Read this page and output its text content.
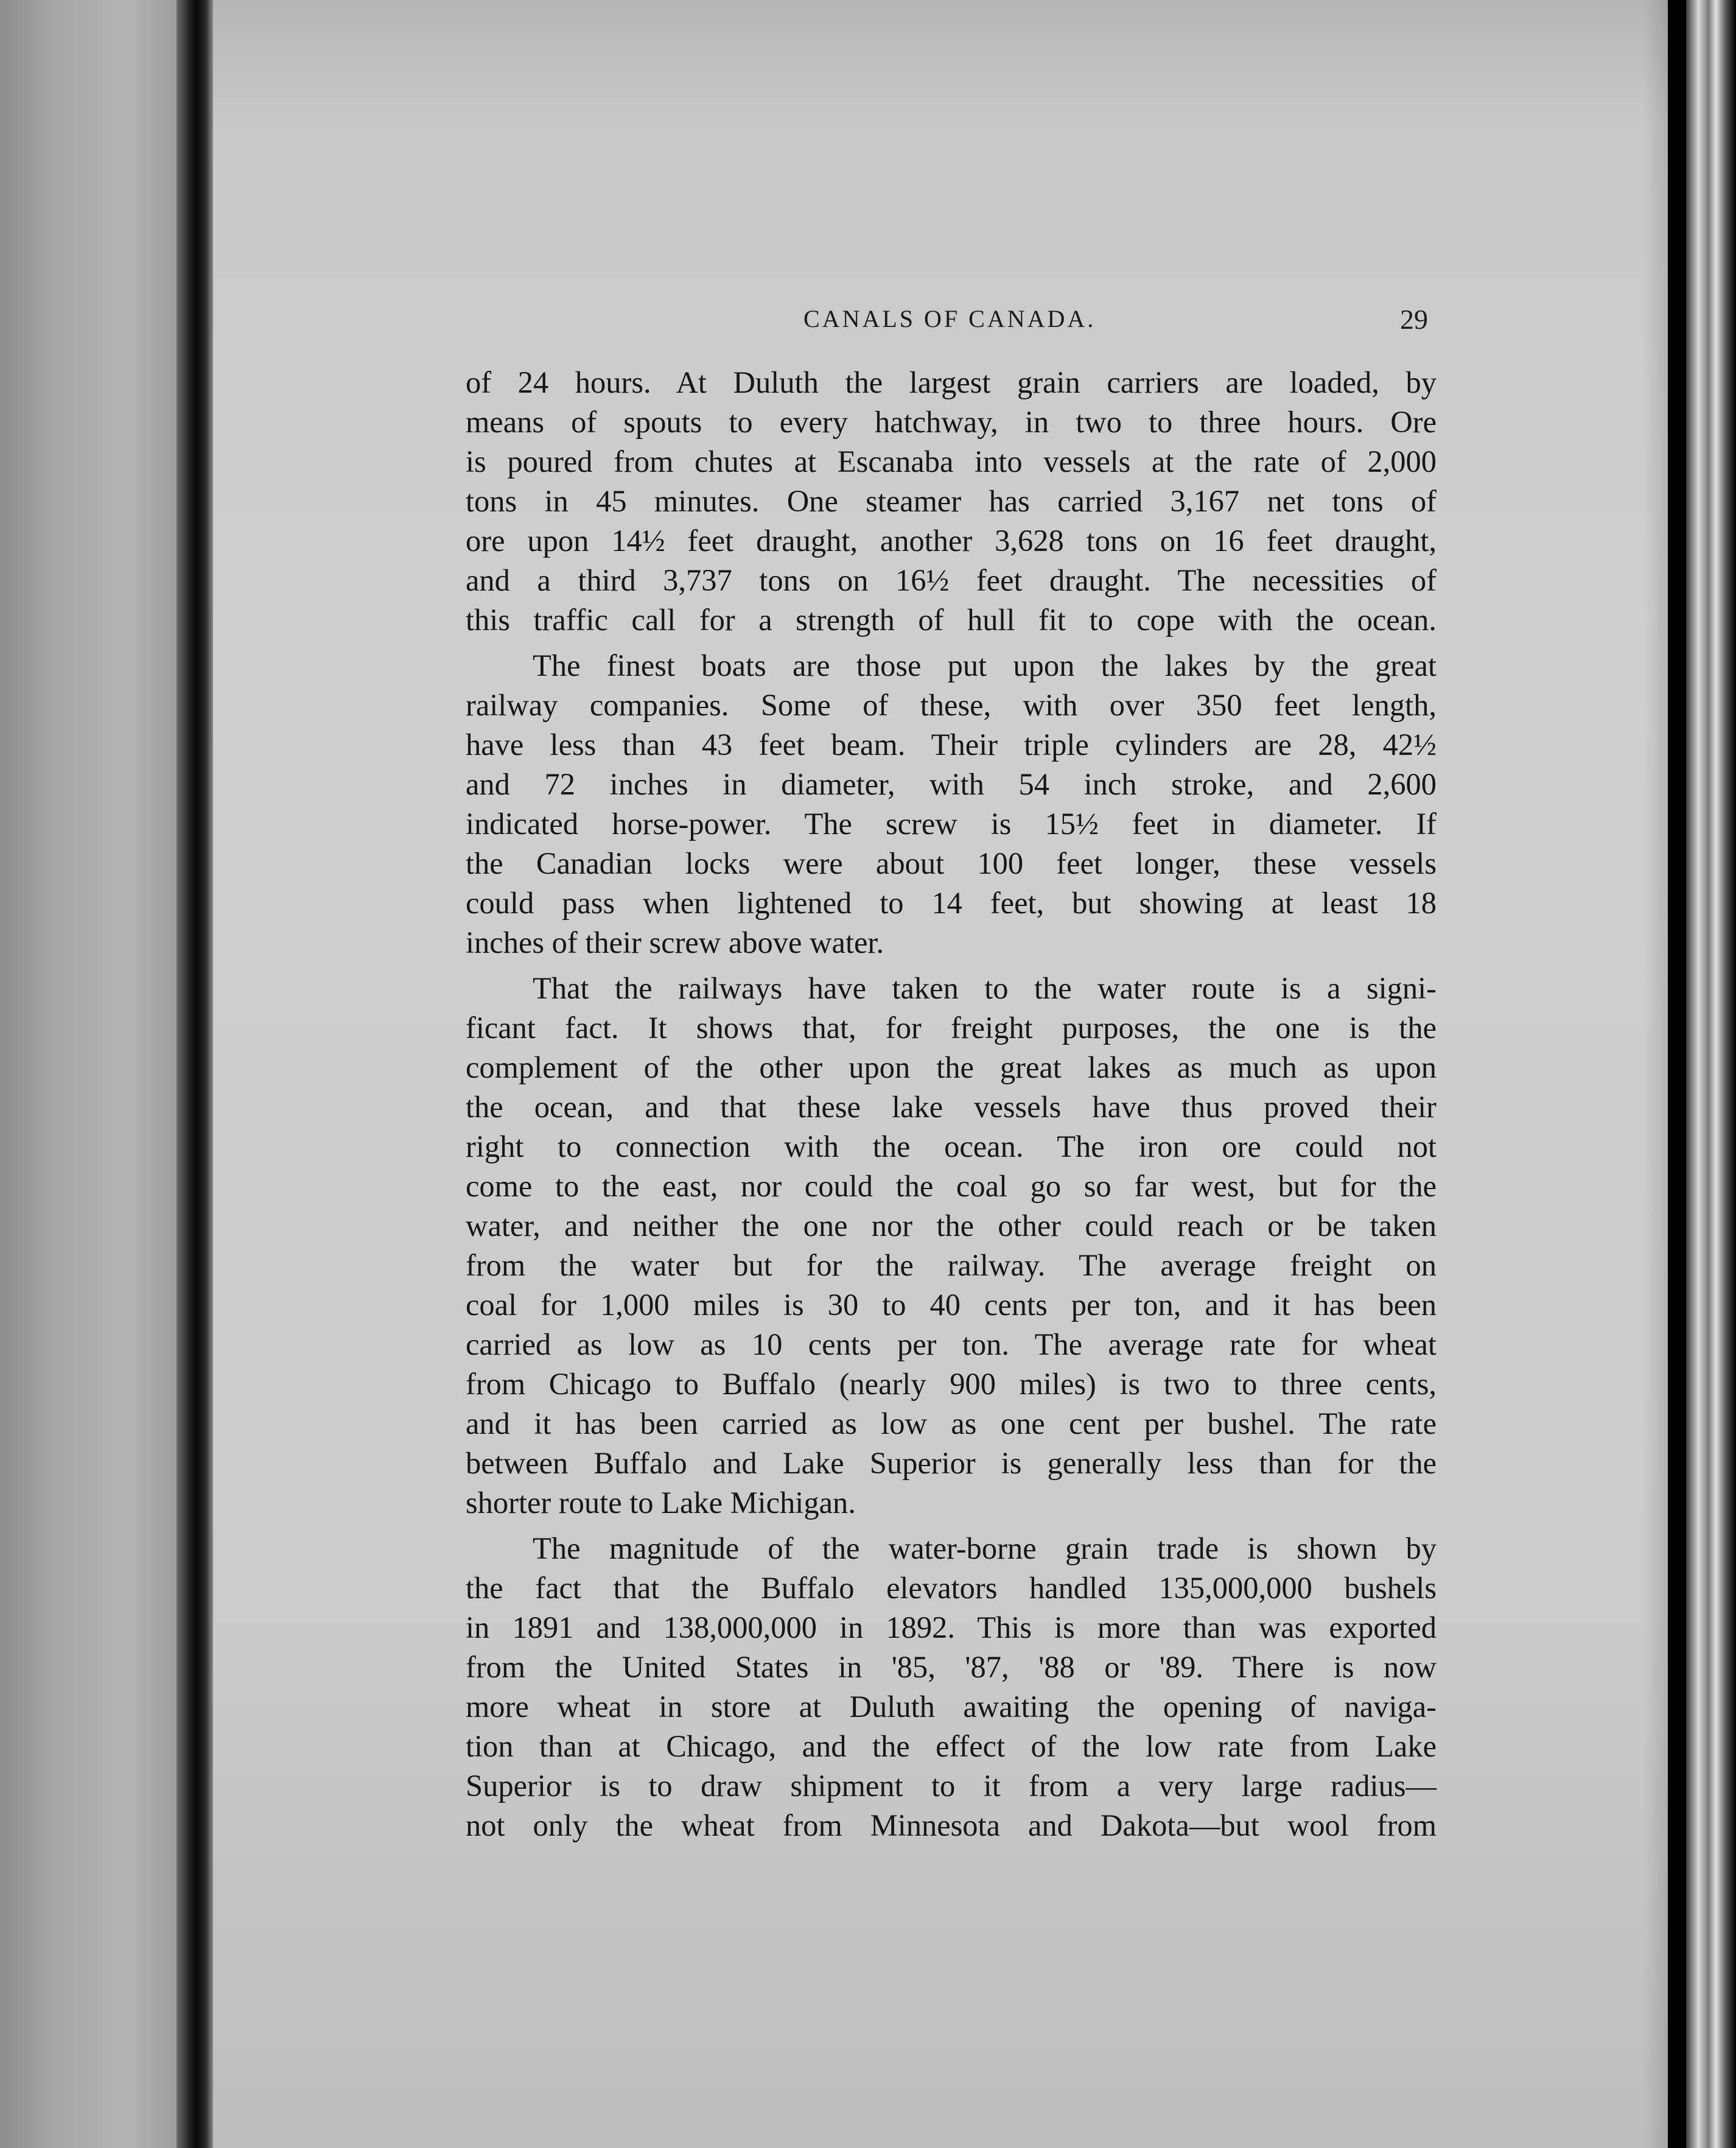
CANALS OF CANADA.	29
of 24 hours. At Duluth the largest grain carriers are loaded, by
means of spouts to every hatchway, in two to three hours. Ore
is poured from chutes at Escanaba into vessels at the rate of 2,000
tons in 45 minutes. One steamer has carried 3,167 net tons of
ore upon 14½ feet draught, another 3,628 tons on 16 feet draught,
and a third 3,737 tons on 16½ feet draught. The necessities of
this traffic call for a strength of hull fit to cope with the ocean.
The finest boats are those put upon the lakes by the great
railway companies. Some of these, with over 350 feet length,
have less than 43 feet beam. Their triple cylinders are 28, 42½
and 72 inches in diameter, with 54 inch stroke, and 2,600
indicated horse-power. The screw is 15½ feet in diameter. If
the Canadian locks were about 100 feet longer, these vessels
could pass when lightened to 14 feet, but showing at least 18
inches of their screw above water.
That the railways have taken to the water route is a signi-
ficant fact. It shows that, for freight purposes, the one is the
complement of the other upon the great lakes as much as upon
the ocean, and that these lake vessels have thus proved their
right to connection with the ocean. The iron ore could not
come to the east, nor could the coal go so far west, but for the
water, and neither the one nor the other could reach or be taken
from the water but for the railway. The average freight on
coal for 1,000 miles is 30 to 40 cents per ton, and it has been
carried as low as 10 cents per ton. The average rate for wheat
from Chicago to Buffalo (nearly 900 miles) is two to three cents,
and it has been carried as low as one cent per bushel. The rate
between Buffalo and Lake Superior is generally less than for the
shorter route to Lake Michigan.
The magnitude of the water-borne grain trade is shown by
the fact that the Buffalo elevators handled 135,000,000 bushels
in 1891 and 138,000,000 in 1892. This is more than was exported
from the United States in '85, '87, '88 or '89. There is now
more wheat in store at Duluth awaiting the opening of naviga-
tion than at Chicago, and the effect of the low rate from Lake
Superior is to draw shipment to it from a very large radius—
not only the wheat from Minnesota and Dakota—but wool from
